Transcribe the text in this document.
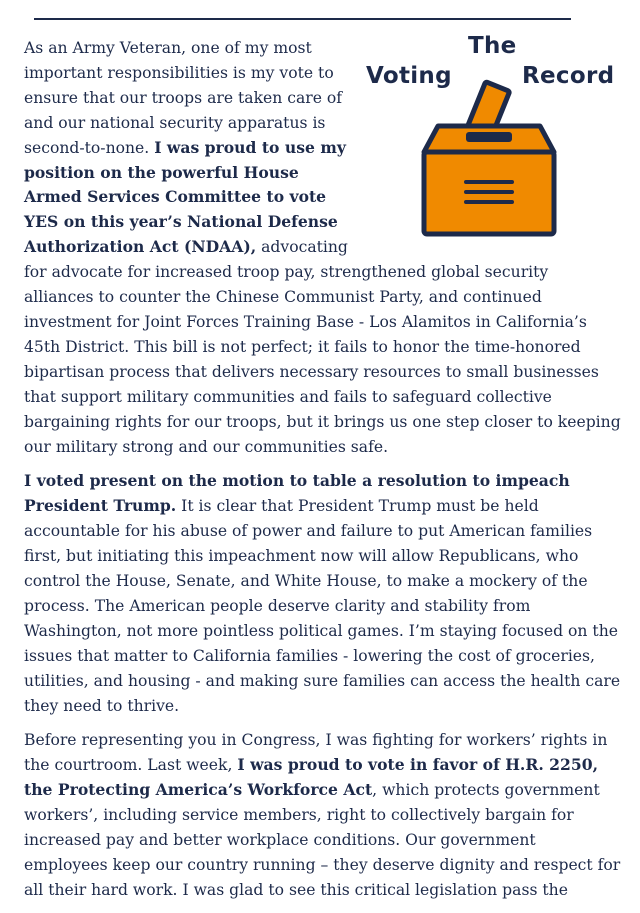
The
Voting	Record

As an Army Veteran, one of my most important responsibilities is my vote to ensure that our troops are taken care of and our national security apparatus is second-to-none. I was proud to use my position on the powerful House Armed Services Committee to vote YES on this year’s National Defense Authorization Act (NDAA), advocating for advocate for increased troop pay, strengthened global security alliances to counter the Chinese Communist Party, and continued investment for Joint Forces Training Base - Los Alamitos in California’s 45th District. This bill is not perfect; it fails to honor the time-honored bipartisan process that delivers necessary resources to small businesses that support military communities and fails to safeguard collective bargaining rights for our troops, but it brings us one step closer to keeping our military strong and our communities safe.

I voted present on the motion to table a resolution to impeach President Trump. It is clear that President Trump must be held accountable for his abuse of power and failure to put American families first, but initiating this impeachment now will allow Republicans, who control the House, Senate, and White House, to make a mockery of the process. The American people deserve clarity and stability from Washington, not more pointless political games. I’m staying focused on the issues that matter to California families - lowering the cost of groceries, utilities, and housing - and making sure families can access the health care they need to thrive.

Before representing you in Congress, I was fighting for workers’ rights in the courtroom. Last week, I was proud to vote in favor of H.R. 2250, the Protecting America’s Workforce Act, which protects government workers’, including service members, right to collectively bargain for increased pay and better workplace conditions. Our government employees keep our country running – they deserve dignity and respect for all their hard work. I was glad to see this critical legislation pass the
